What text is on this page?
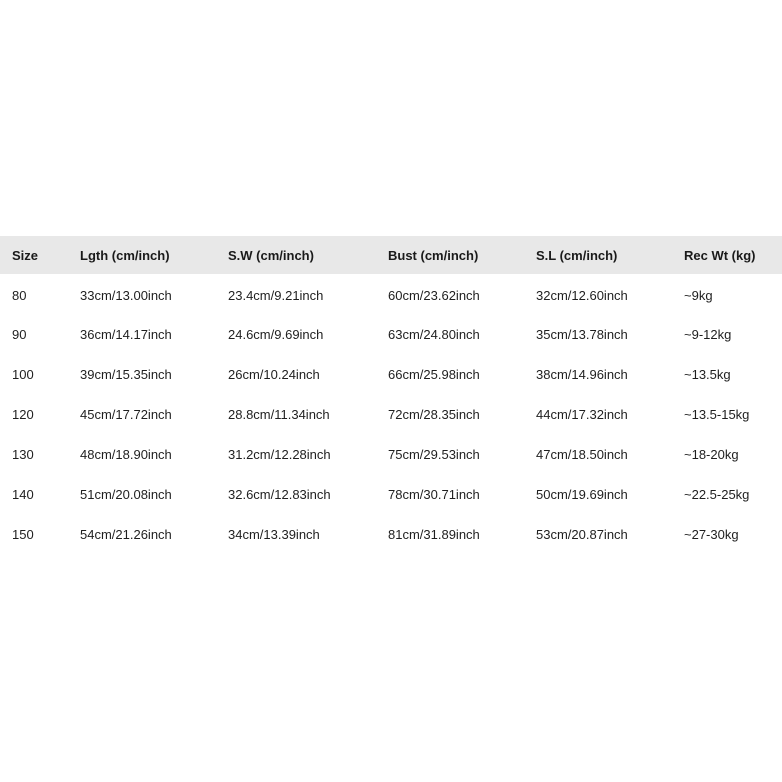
Size	Lgth (cm/inch)	S.W (cm/inch)	Bust (cm/inch)	S.L (cm/inch)	Rec Wt (kg)
80	33cm/13.00inch	23.4cm/9.21inch	60cm/23.62inch	32cm/12.60inch	~9kg
90	36cm/14.17inch	24.6cm/9.69inch	63cm/24.80inch	35cm/13.78inch	~9-12kg
100	39cm/15.35inch	26cm/10.24inch	66cm/25.98inch	38cm/14.96inch	~13.5kg
120	45cm/17.72inch	28.8cm/11.34inch	72cm/28.35inch	44cm/17.32inch	~13.5-15kg
130	48cm/18.90inch	31.2cm/12.28inch	75cm/29.53inch	47cm/18.50inch	~18-20kg
140	51cm/20.08inch	32.6cm/12.83inch	78cm/30.71inch	50cm/19.69inch	~22.5-25kg
150	54cm/21.26inch	34cm/13.39inch	81cm/31.89inch	53cm/20.87inch	~27-30kg
